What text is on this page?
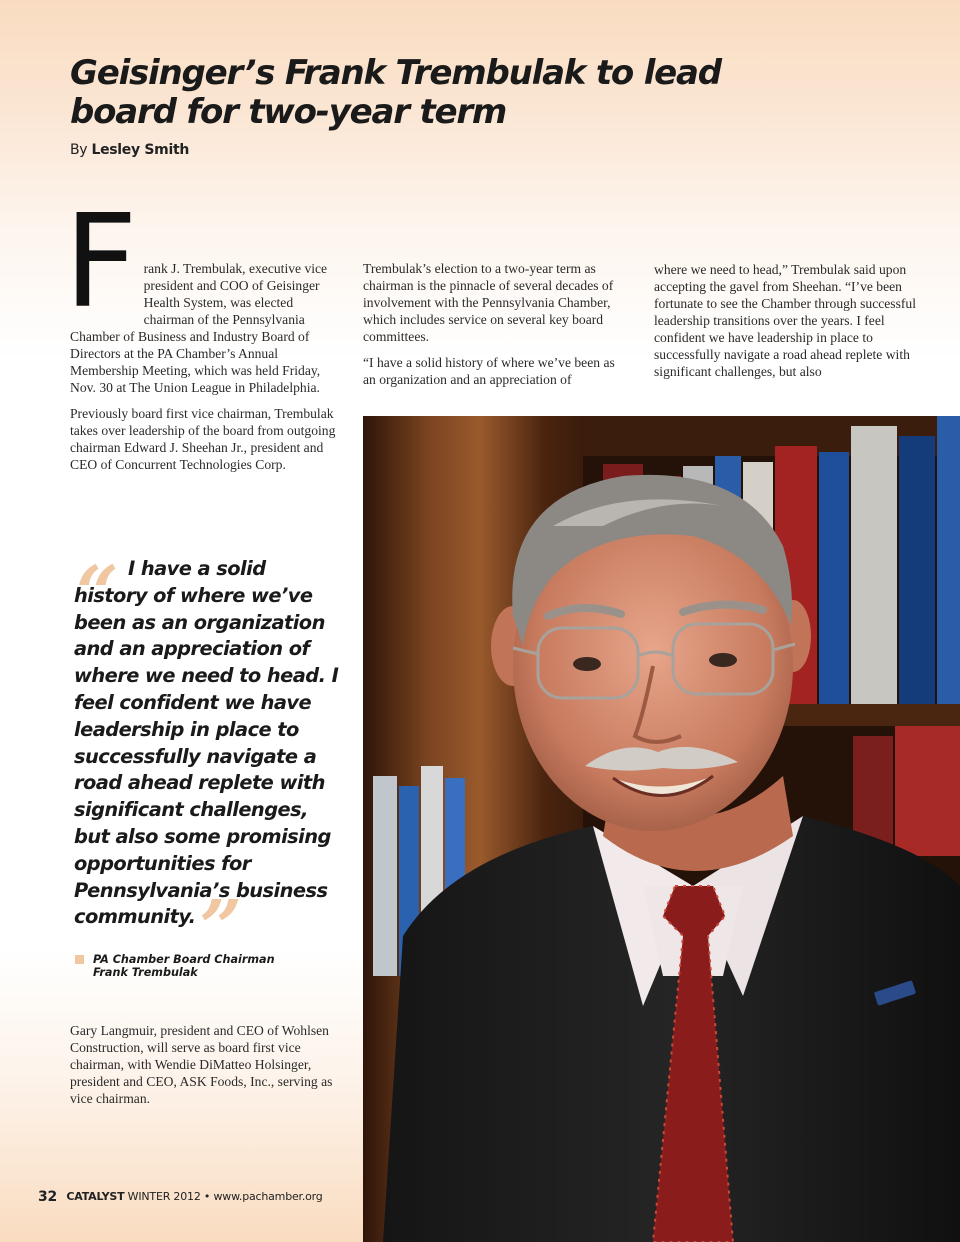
Geisinger’s Frank Trembulak to lead board for two-year term
By Lesley Smith

Frank J. Trembulak, executive vice president and COO of Geisinger Health System, was elected chairman of the Pennsylvania Chamber of Business and Industry Board of Directors at the PA Chamber’s Annual Membership Meeting, which was held Friday, Nov. 30 at The Union League in Philadelphia.

Previously board first vice chairman, Trembulak takes over leadership of the board from outgoing chairman Edward J. Sheehan Jr., president and CEO of Concurrent Technologies Corp.

Trembulak’s election to a two-year term as chairman is the pinnacle of several decades of involvement with the Pennsylvania Chamber, which includes service on several key board committees.

“I have a solid history of where we’ve been as an organization and an appreciation of

where we need to head,” Trembulak said upon accepting the gavel from Sheehan. “I’ve been fortunate to see the Chamber through successful leadership transitions over the years. I feel confident we have leadership in place to successfully navigate a road ahead replete with significant challenges, but also

“ I have a solid history of where we’ve been as an organization and an appreciation of where we need to head. I feel confident we have leadership in place to successfully navigate a road ahead replete with significant challenges, but also some promising opportunities for Pennsylvania’s business community.”
PA Chamber Board Chairman
Frank Trembulak

Gary Langmuir, president and CEO of Wohlsen Construction, will serve as board first vice chairman, with Wendie DiMatteo Holsinger, president and CEO, ASK Foods, Inc., serving as vice chairman.

32 CATALYST WINTER 2012 • www.pachamber.org
